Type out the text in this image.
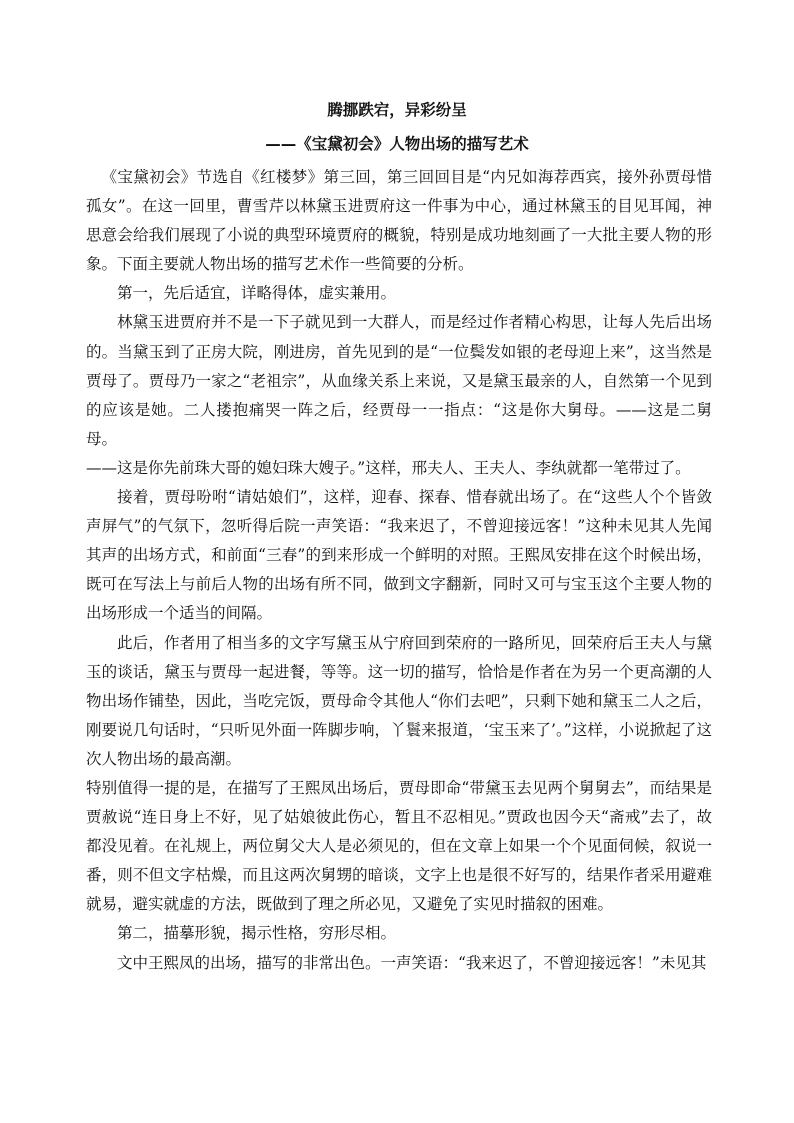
腾挪跌宕，异彩纷呈
——《宝黛初会》人物出场的描写艺术

《宝黛初会》节选自《红楼梦》第三回，第三回回目是“内兄如海荐西宾，接外孙贾母惜孤女”。在这一回里，曹雪芹以林黛玉进贾府这一件事为中心，通过林黛玉的目见耳闻，神思意会给我们展现了小说的典型环境贾府的概貌，特别是成功地刻画了一大批主要人物的形象。下面主要就人物出场的描写艺术作一些简要的分析。

第一，先后适宜，详略得体，虚实兼用。

林黛玉进贾府并不是一下子就见到一大群人，而是经过作者精心构思，让每人先后出场的。当黛玉到了正房大院，刚进房，首先见到的是“一位鬓发如银的老母迎上来”，这当然是贾母了。贾母乃一家之“老祖宗”，从血缘关系上来说，又是黛玉最亲的人，自然第一个见到的应该是她。二人搂抱痛哭一阵之后，经贾母一一指点：“这是你大舅母。——这是二舅母。

——这是你先前珠大哥的媳妇珠大嫂子。”这样，邢夫人、王夫人、李纨就都一笔带过了。

接着，贾母吩咐“请姑娘们”，这样，迎春、探春、惜春就出场了。在“这些人个个皆敛声屏气”的气氛下，忽听得后院一声笑语：“我来迟了，不曾迎接远客！”这种未见其人先闻其声的出场方式，和前面“三春”的到来形成一个鲜明的对照。王熙凤安排在这个时候出场，既可在写法上与前后人物的出场有所不同，做到文字翻新，同时又可与宝玉这个主要人物的出场形成一个适当的间隔。

此后，作者用了相当多的文字写黛玉从宁府回到荣府的一路所见，回荣府后王夫人与黛玉的谈话，黛玉与贾母一起进餐，等等。这一切的描写，恰恰是作者在为另一个更高潮的人物出场作铺垫，因此，当吃完饭，贾母命令其他人“你们去吧”，只剩下她和黛玉二人之后，刚要说几句话时，“只听见外面一阵脚步响，丫鬟来报道，‘宝玉来了’。”这样，小说掀起了这次人物出场的最高潮。

特别值得一提的是，在描写了王熙凤出场后，贾母即命“带黛玉去见两个舅舅去”，而结果是贾赦说“连日身上不好，见了姑娘彼此伤心，暂且不忍相见。”贾政也因今天“斋戒”去了，故都没见着。在礼规上，两位舅父大人是必须见的，但在文章上如果一个个见面伺候，叙说一番，则不但文字枯燥，而且这两次舅甥的暗谈，文字上也是很不好写的，结果作者采用避难就易，避实就虚的方法，既做到了理之所必见，又避免了实见时描叙的困难。

第二，描摹形貌，揭示性格，穷形尽相。

文中王熙凤的出场，描写的非常出色。一声笑语：“我来迟了，不曾迎接远客！”未见其
